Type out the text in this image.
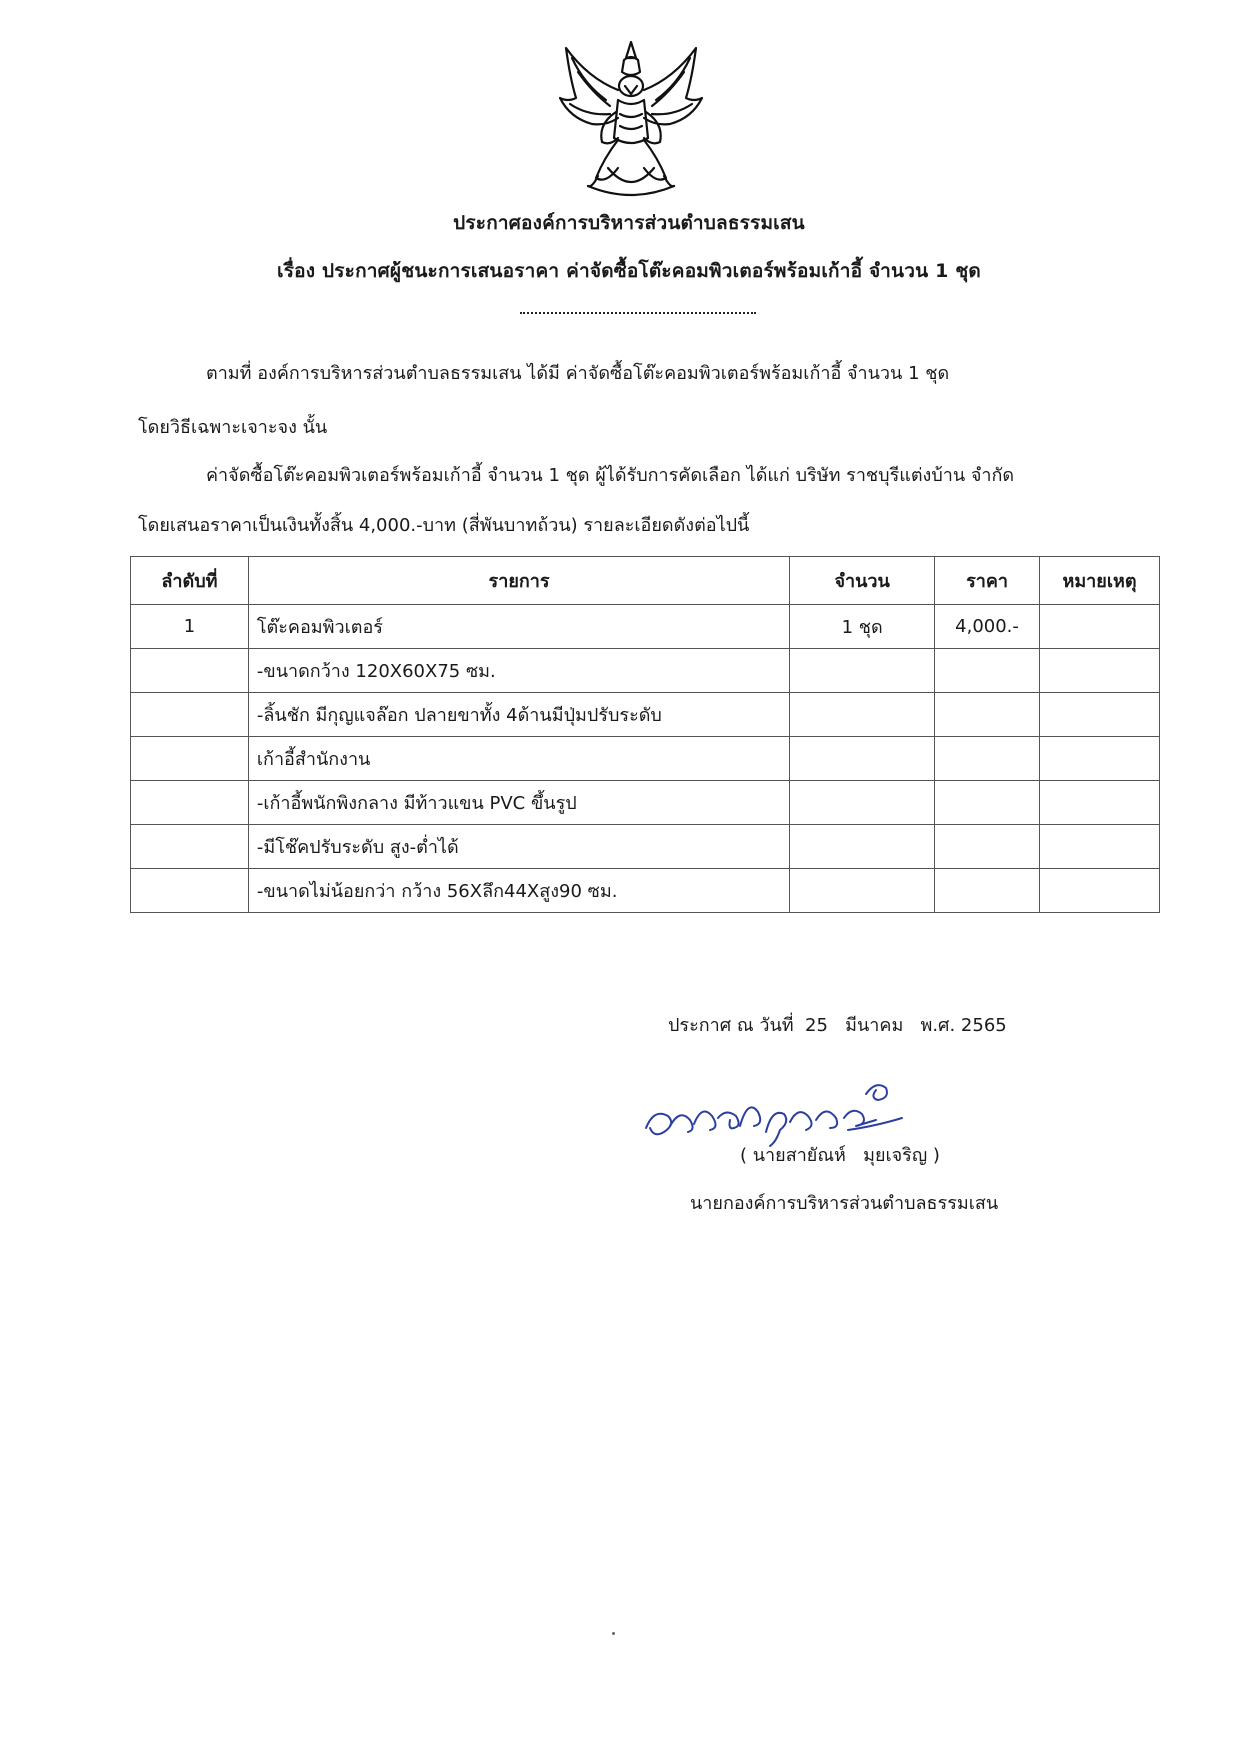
ประกาศองค์การบริหารส่วนตำบลธรรมเสน
เรื่อง ประกาศผู้ชนะการเสนอราคา ค่าจัดซื้อโต๊ะคอมพิวเตอร์พร้อมเก้าอี้ จำนวน 1 ชุด
ตามที่ องค์การบริหารส่วนตำบลธรรมเสน ได้มี ค่าจัดซื้อโต๊ะคอมพิวเตอร์พร้อมเก้าอี้ จำนวน 1 ชุด
โดยวิธีเฉพาะเจาะจง นั้น
ค่าจัดซื้อโต๊ะคอมพิวเตอร์พร้อมเก้าอี้ จำนวน 1 ชุด ผู้ได้รับการคัดเลือก ได้แก่ บริษัท ราชบุรีแต่งบ้าน จำกัด
โดยเสนอราคาเป็นเงินทั้งสิ้น 4,000.-บาท (สี่พันบาทถ้วน) รายละเอียดดังต่อไปนี้
ลำดับที่	รายการ	จำนวน	ราคา	หมายเหตุ
1	โต๊ะคอมพิวเตอร์	1 ชุด	4,000.-	
	-ขนาดกว้าง 120X60X75 ซม.			
	-ลิ้นชัก มีกุญแจล๊อก ปลายขาทั้ง 4ด้านมีปุ่มปรับระดับ			
	เก้าอี้สำนักงาน			
	-เก้าอี้พนักพิงกลาง มีท้าวแขน PVC ขึ้นรูป			
	-มีโช๊คปรับระดับ สูง-ต่ำได้			
	-ขนาดไม่น้อยกว่า กว้าง 56Xลึก44Xสูง90 ซม.			
ประกาศ ณ วันที่  25   มีนาคม   พ.ศ. 2565
( นายสายัณห์   มุยเจริญ )
นายกองค์การบริหารส่วนตำบลธรรมเสน
